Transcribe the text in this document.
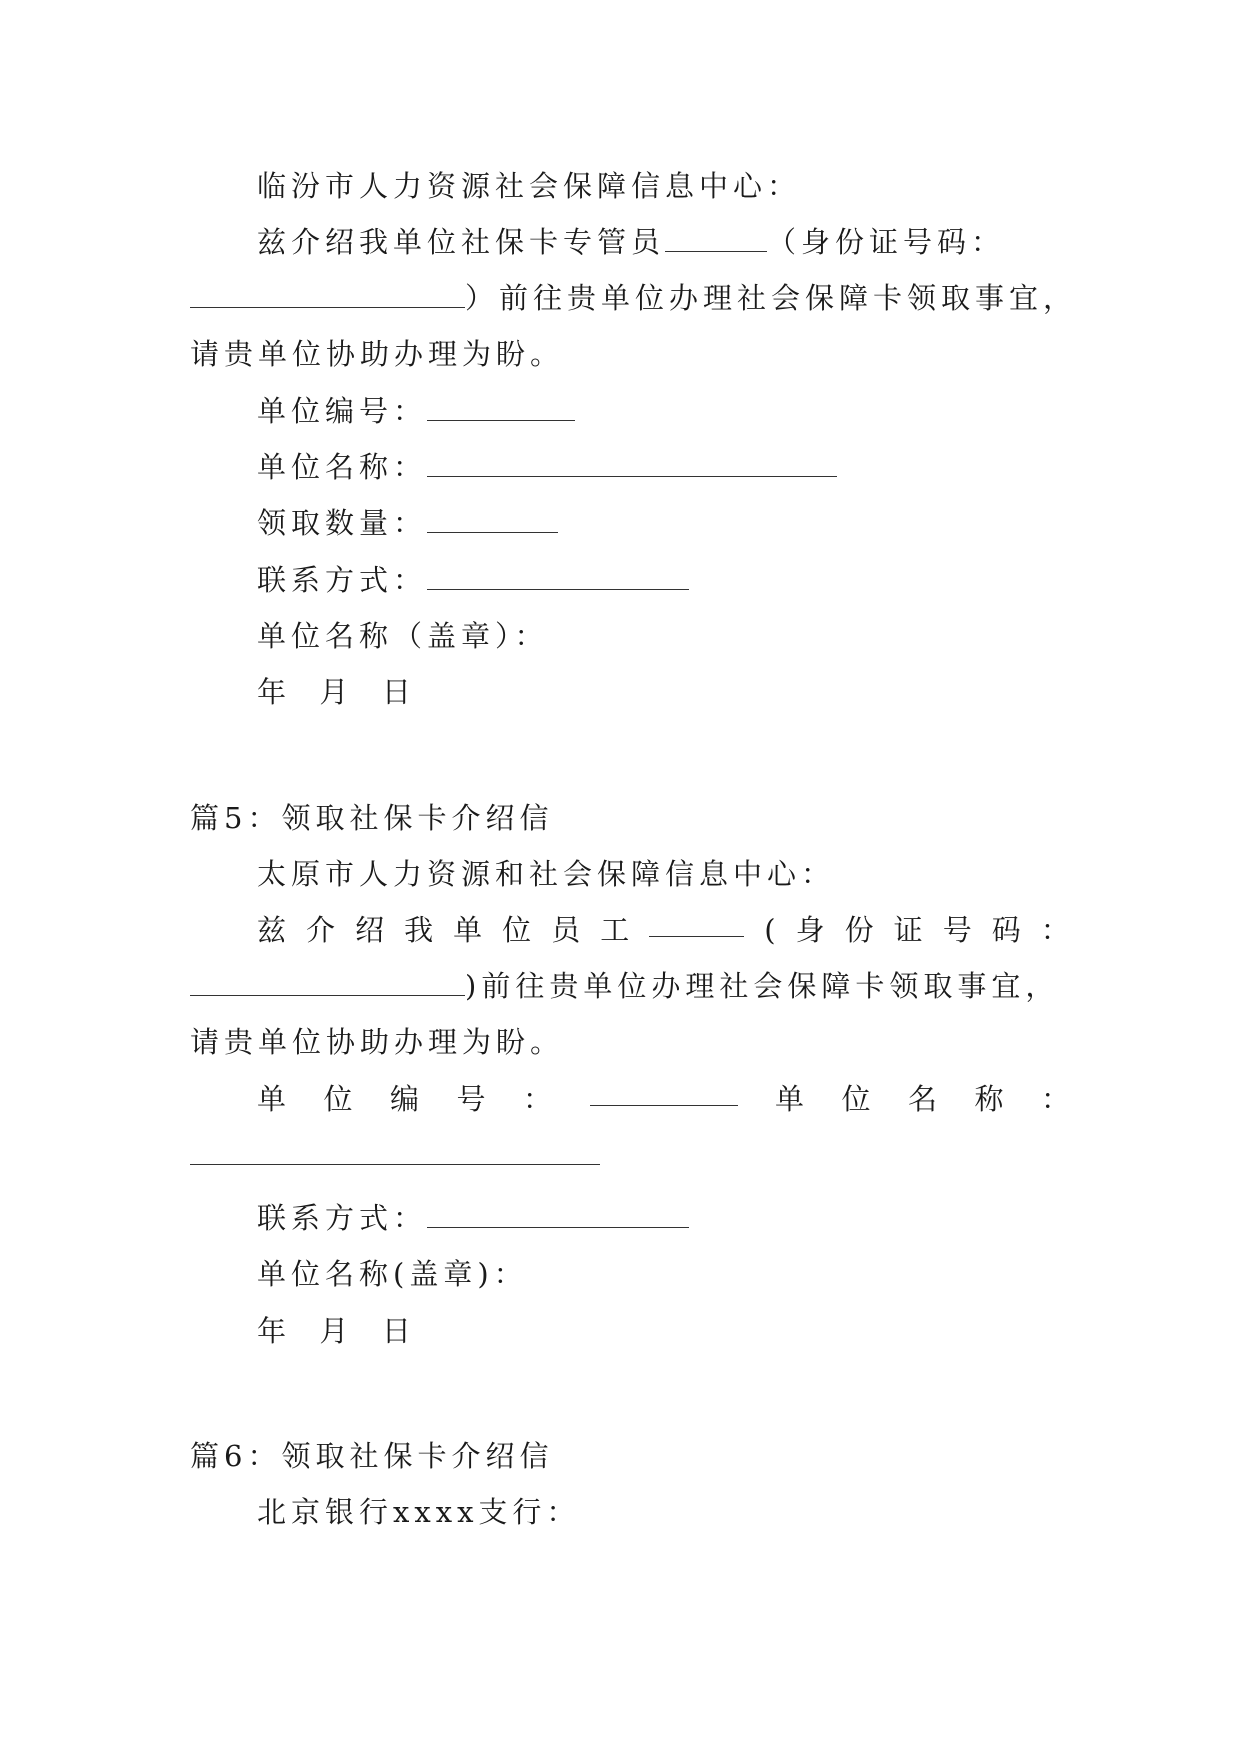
临汾市人力资源社会保障信息中心：
兹介绍我单位社保卡专管员	（身份证号码：
）前往贵单位办理社会保障卡领取事宜，
请贵单位协助办理为盼。
单位编号：
单位名称：
领取数量：
联系方式：
单位名称（盖章）：
年  月  日
篇5：领取社保卡介绍信
太原市人力资源和社会保障信息中心：
兹 介 绍 我 单 位 员 工	( 身 份 证 号 码 ：
)前往贵单位办理社会保障卡领取事宜，
请贵单位协助办理为盼。
单 位 编 号 ：	单 位 名 称 ：
联系方式：
单位名称(盖章)：
年  月  日
篇6：领取社保卡介绍信
北京银行xxxx支行：
